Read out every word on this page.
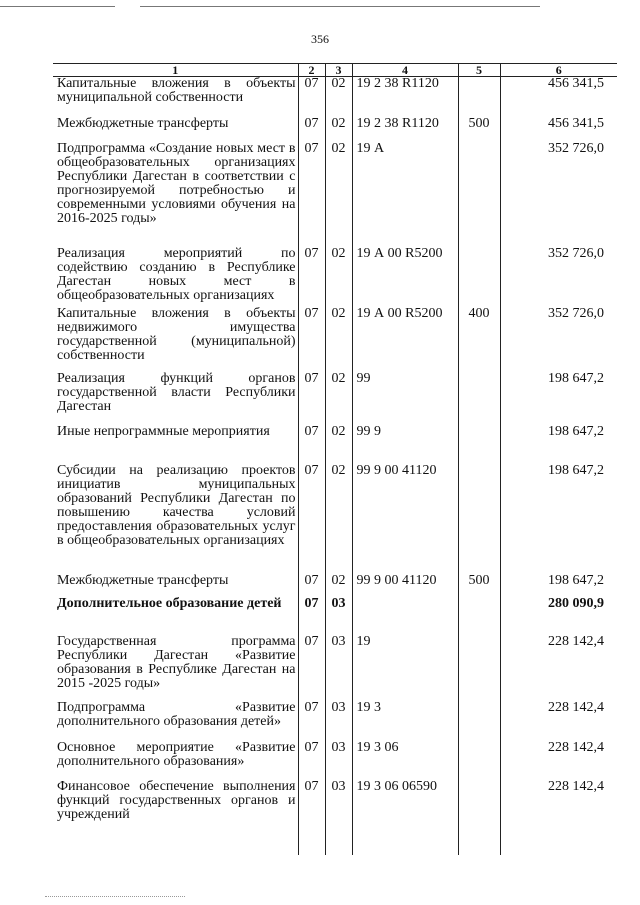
356
1	2	3	4	5	6
Капитальные вложения в объекты муниципальной собственности	07	02	19 2 38 R1120		456 341,5
Межбюджетные трансферты	07	02	19 2 38 R1120	500	456 341,5
Подпрограмма «Создание новых мест в общеобразовательных организациях Республики Дагестан в соответствии с прогнозируемой потребностью и современными условиями обучения на 2016-2025 годы»	07	02	19 А		352 726,0
Реализация мероприятий по содействию созданию в Республике Дагестан новых мест в общеобразовательных организациях	07	02	19 А 00 R5200		352 726,0
Капитальные вложения в объекты недвижимого имущества государственной (муниципальной) собственности	07	02	19 А 00 R5200	400	352 726,0
Реализация функций органов государственной власти Республики Дагестан	07	02	99		198 647,2
Иные непрограммные мероприятия	07	02	99 9		198 647,2
Субсидии на реализацию проектов инициатив муниципальных образований Республики Дагестан по повышению качества условий предоставления образовательных услуг в общеобразовательных организациях	07	02	99 9 00 41120		198 647,2
Межбюджетные трансферты	07	02	99 9 00 41120	500	198 647,2
Дополнительное образование детей	07	03			280 090,9
Государственная программа Республики Дагестан «Развитие образования в Республике Дагестан на 2015 -2025 годы»	07	03	19		228 142,4
Подпрограмма «Развитие дополнительного образования детей»	07	03	19 3		228 142,4
Основное мероприятие «Развитие дополнительного образования»	07	03	19 3 06		228 142,4
Финансовое обеспечение выполнения функций государственных органов и учреждений	07	03	19 3 06 06590		228 142,4
